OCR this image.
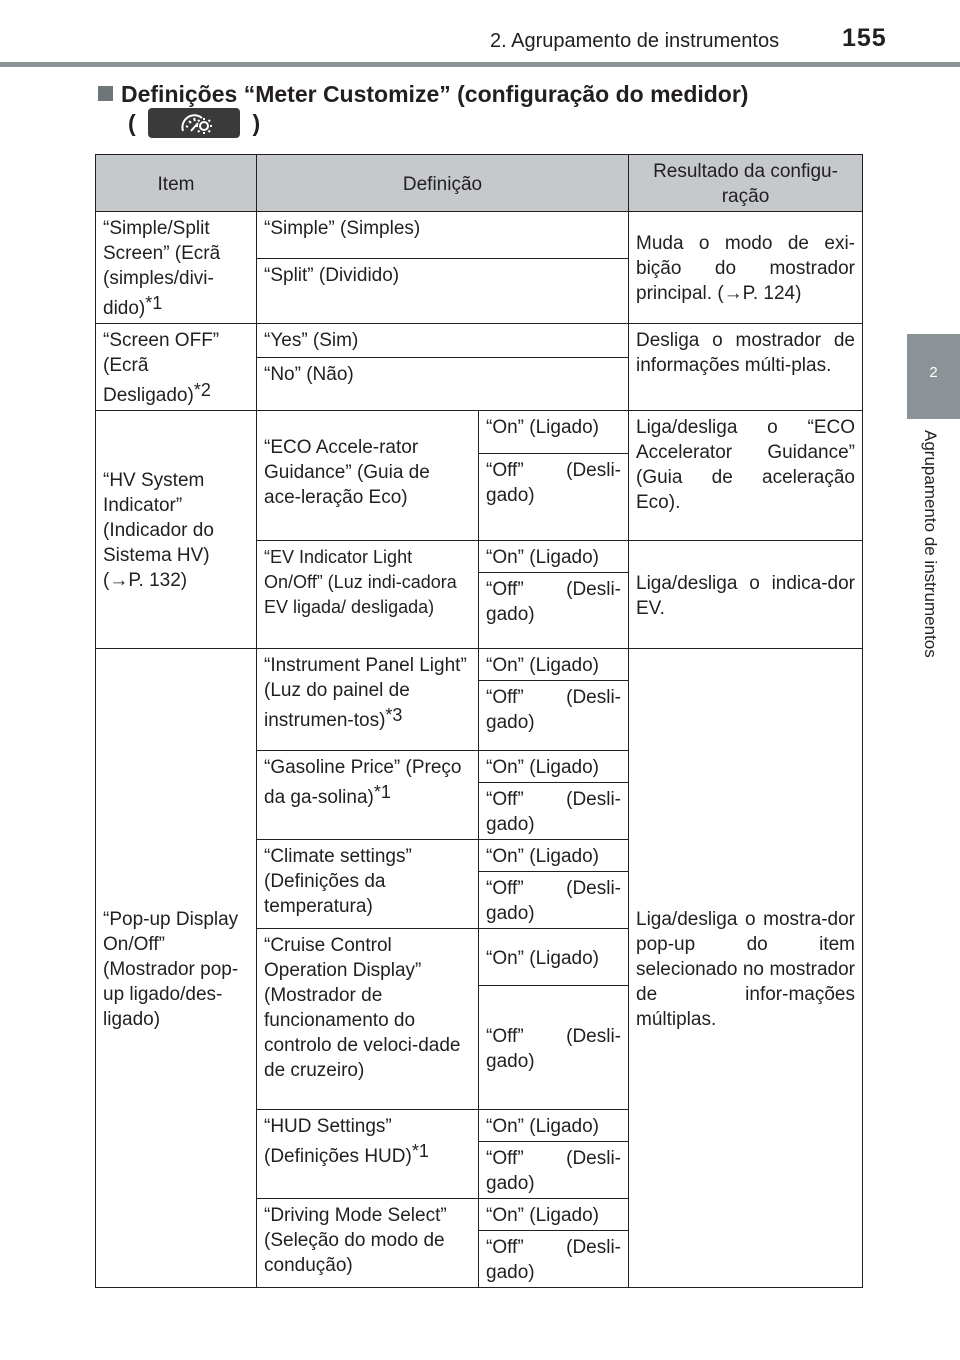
2. Agrupamento de instrumentos	155
2
Agrupamento de instrumentos
Definições “Meter Customize” (configuração do medidor)
(	)
Item	Definição		Resultado da configu-ração
“Simple/Split Screen” (Ecrã (simples/divi-dido)*1	“Simple” (Simples)		Muda o modo de exi-bição do mostrador principal. (→P. 124)
	“Split” (Dividido)		
“Screen OFF” (Ecrã Desligado)*2	“Yes” (Sim)		Desliga o mostrador de informações múlti-plas.
	“No” (Não)		
“HV System Indicator” (Indicador do Sistema HV) (→P. 132)	“ECO Accele-rator Guidance” (Guia de ace-leração Eco)	“On” (Ligado)	Liga/desliga o “ECO Accelerator Guidance” (Guia de aceleração Eco).
		“Off” (Desli-gado)	
	“EV Indicator Light On/Off” (Luz indi-cadora EV ligada/ desligada)	“On” (Ligado)	Liga/desliga o indica-dor EV.
		“Off” (Desli-gado)	
“Pop-up Display On/Off” (Mostrador pop-up ligado/des-ligado)	“Instrument Panel Light” (Luz do painel de instrumen-tos)*3	“On” (Ligado)	Liga/desliga o mostra-dor pop-up do item selecionado no mostrador de infor-mações múltiplas.
		“Off” (Desli-gado)	
	“Gasoline Price” (Preço da ga-solina)*1	“On” (Ligado)	
		“Off” (Desli-gado)	
	“Climate settings” (Definições da temperatura)	“On” (Ligado)	
		“Off” (Desli-gado)	
	“Cruise Control Operation Display” (Mostrador de funcionamento do controlo de veloci-dade de cruzeiro)	“On” (Ligado)	
		“Off” (Desli-gado)	
	“HUD Settings” (Definições HUD)*1	“On” (Ligado)	
		“Off” (Desli-gado)	
	“Driving Mode Select” (Seleção do modo de condução)	“On” (Ligado)	
		“Off” (Desli-gado)	
